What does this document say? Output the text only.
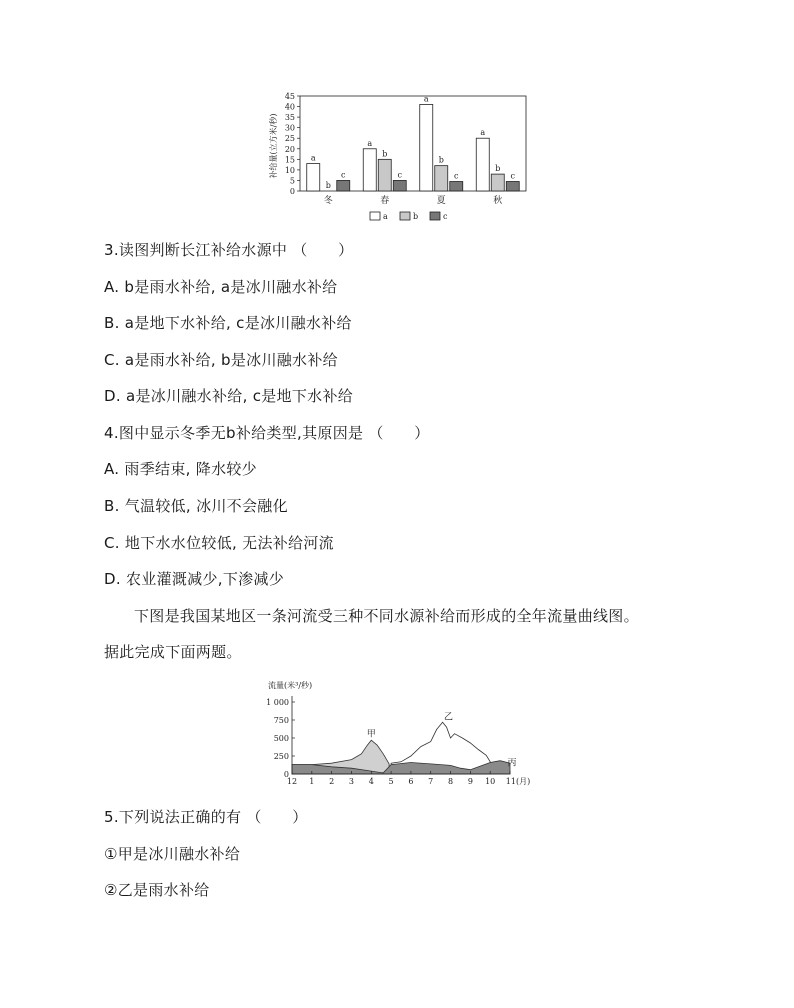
补给量(立方米/秒)
0
5
10
15
20
25
30
35
40
45
a
b
c
a
b
c
a
b
c
a
b
c
冬	春	夏	秋
a	b	c
3.读图判断长江补给水源中 （　　）
A. b是雨水补给, a是冰川融水补给
B. a是地下水补给, c是冰川融水补给
C. a是雨水补给, b是冰川融水补给
D. a是冰川融水补给, c是地下水补给
4.图中显示冬季无b补给类型,其原因是 （　　）
A. 雨季结束, 降水较少
B. 气温较低, 冰川不会融化
C. 地下水水位较低, 无法补给河流
D. 农业灌溉减少,下渗减少
下图是我国某地区一条河流受三种不同水源补给而形成的全年流量曲线图。
据此完成下面两题。
流量(米³/秒)
0
250
500
750
1 000
12 1 2 3 4 5 6 7 8 9 10 11(月)
甲
乙
丙
5.下列说法正确的有 （　　）
①甲是冰川融水补给
②乙是雨水补给
